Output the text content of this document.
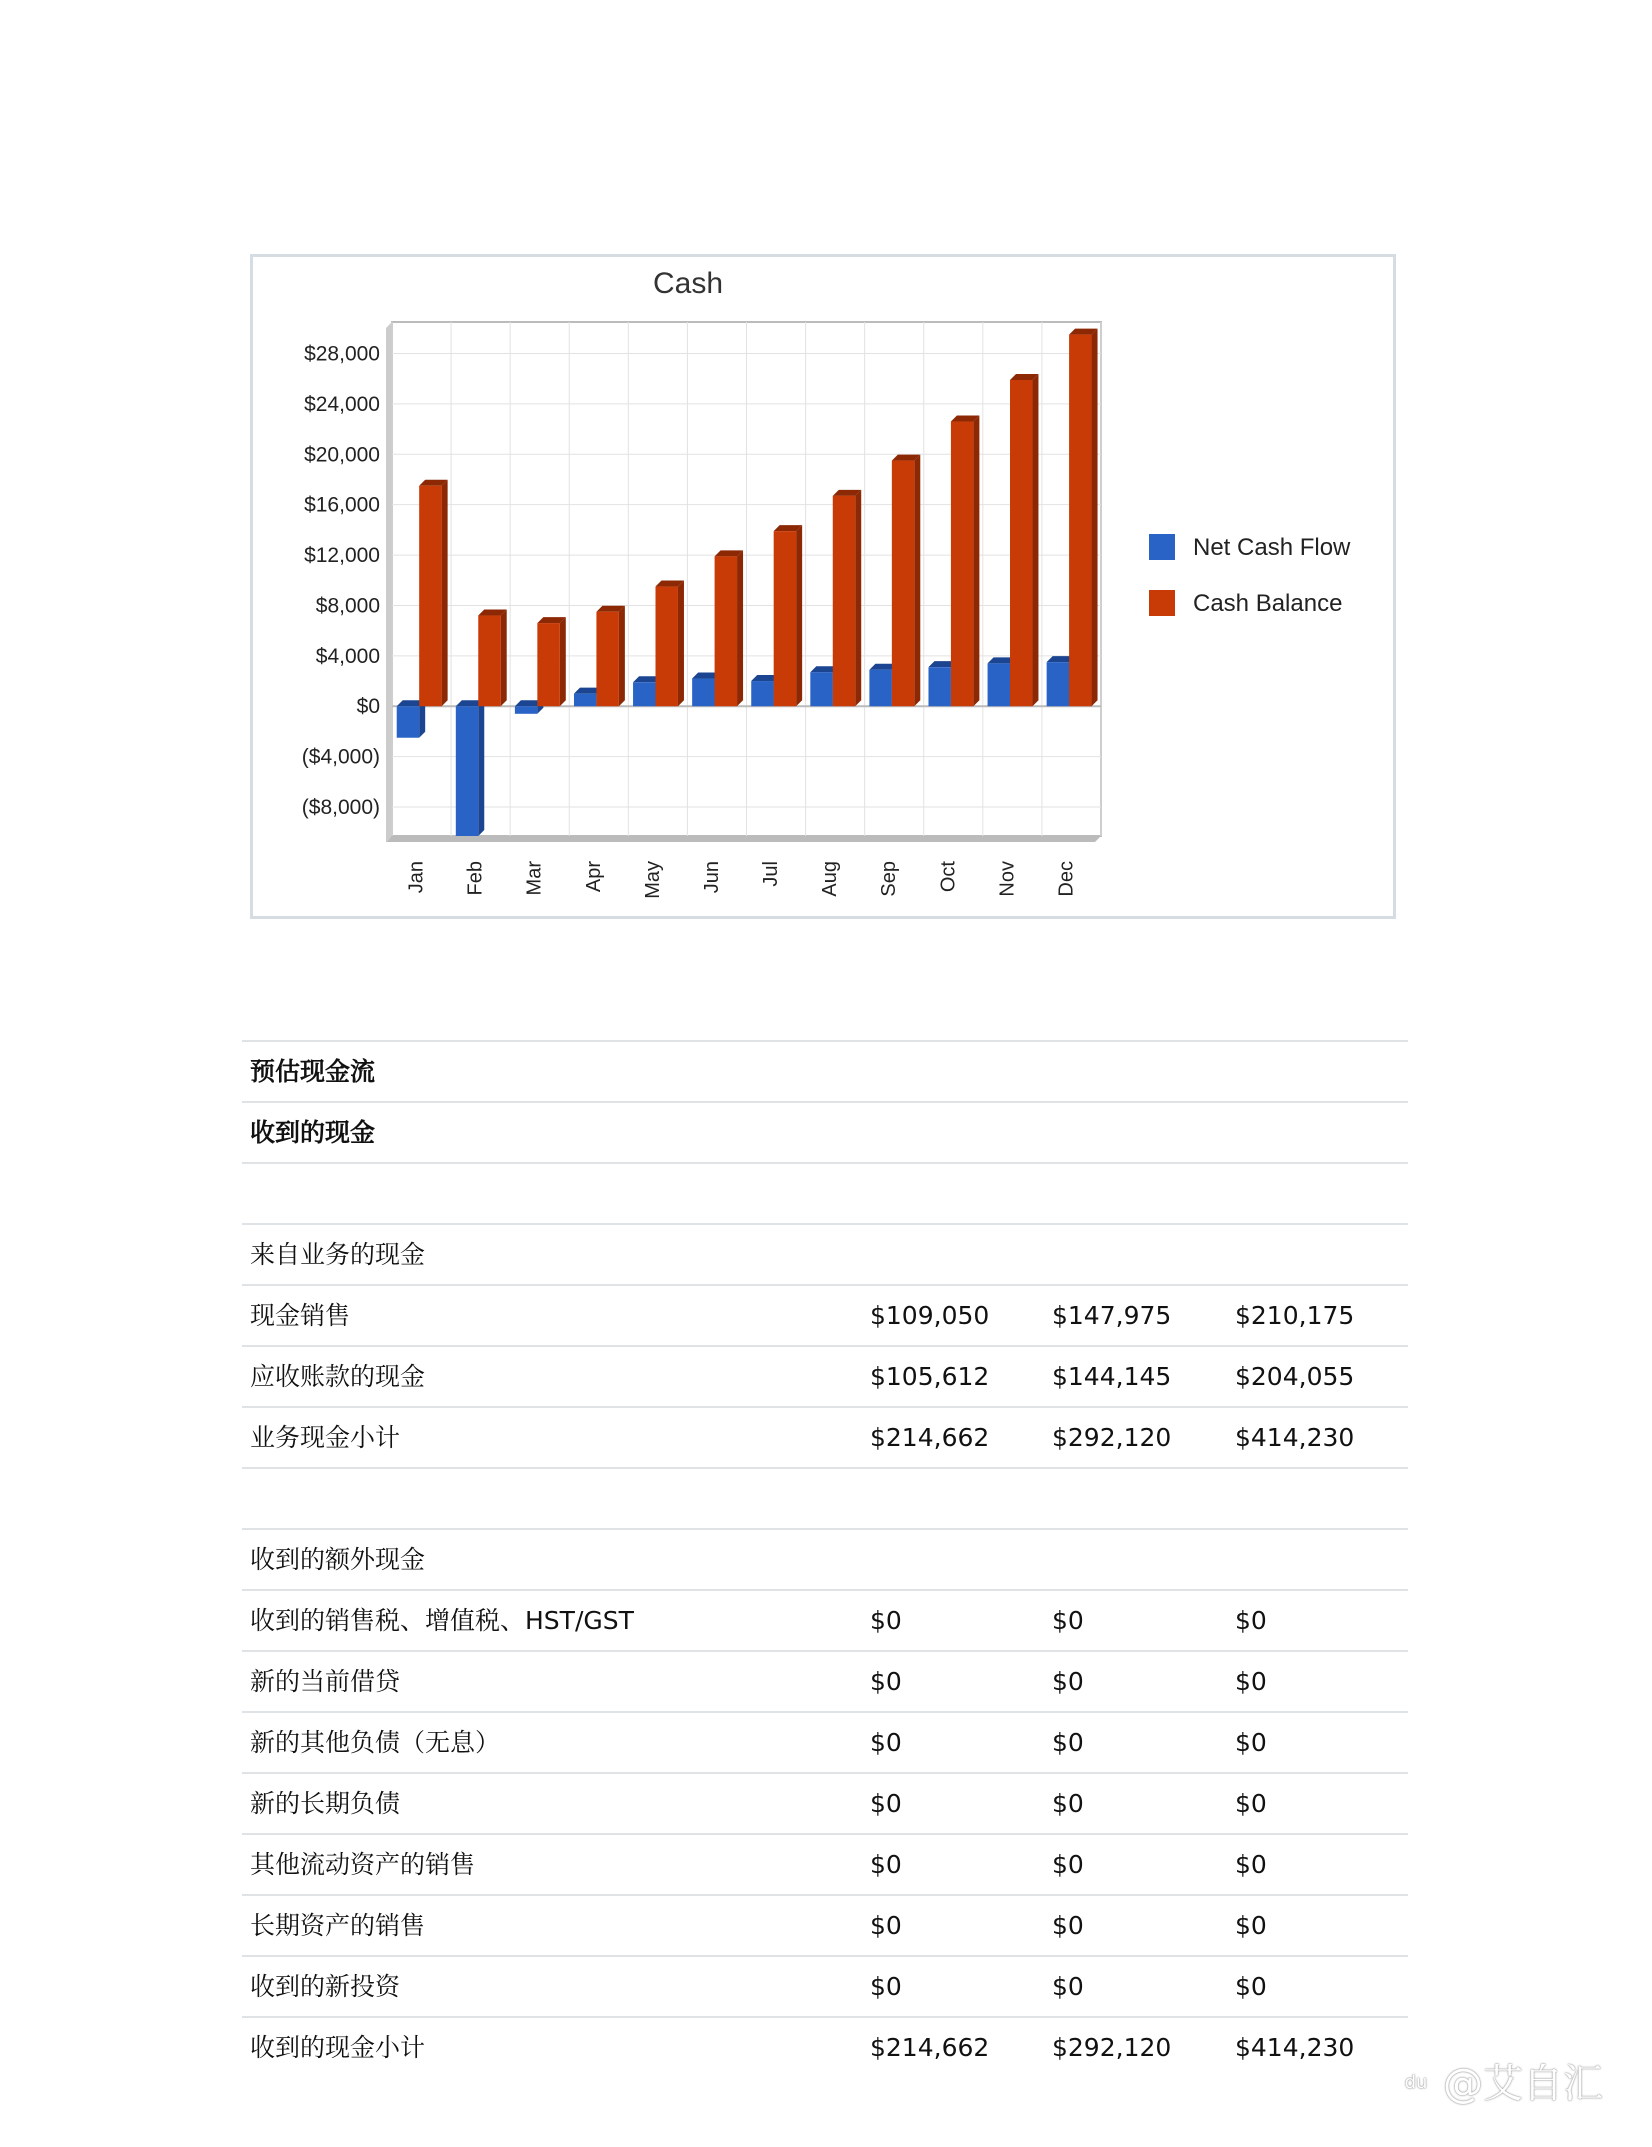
Cash
$28,000
$24,000
$20,000
$16,000
$12,000
$8,000
$4,000
$0
($4,000)
($8,000)
Jan Feb Mar Apr May Jun Jul Aug Sep Oct Nov Dec
Net Cash Flow
Cash Balance
预估现金流
收到的现金
来自业务的现金
现金销售	$109,050	$147,975	$210,175
应收账款的现金	$105,612	$144,145	$204,055
业务现金小计	$214,662	$292,120	$414,230
收到的额外现金
收到的销售税、增值税、HST/GST	$0	$0	$0
新的当前借贷	$0	$0	$0
新的其他负债（无息）	$0	$0	$0
新的长期负债	$0	$0	$0
其他流动资产的销售	$0	$0	$0
长期资产的销售	$0	$0	$0
收到的新投资	$0	$0	$0
收到的现金小计	$214,662	$292,120	$414,230
du @艾自汇
